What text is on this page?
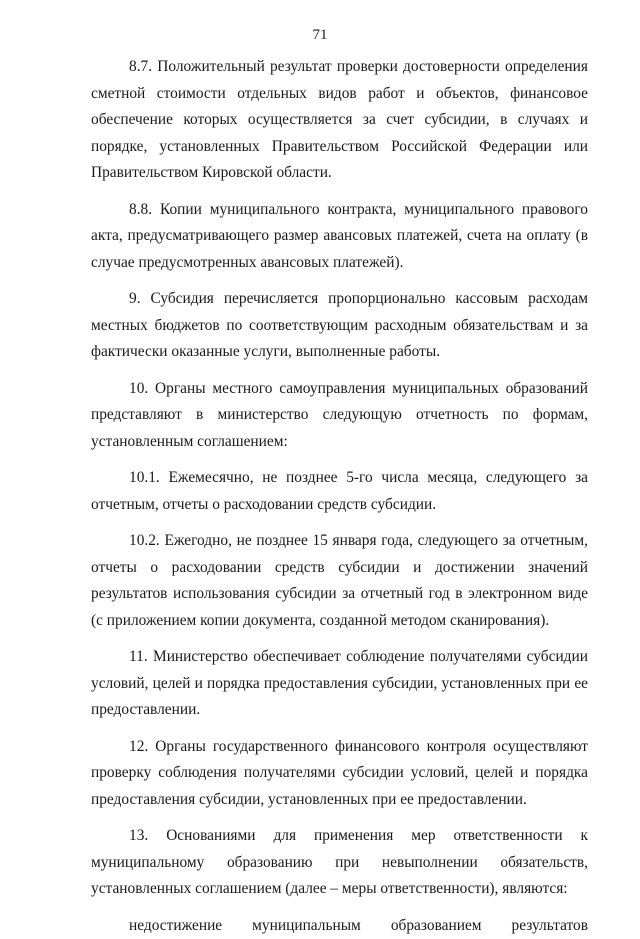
71

8.7. Положительный результат проверки достоверности определения сметной стоимости отдельных видов работ и объектов, финансовое обеспечение которых осуществляется за счет субсидии, в случаях и порядке, установленных Правительством Российской Федерации или Правительством Кировской области.

8.8. Копии муниципального контракта, муниципального правового акта, предусматривающего размер авансовых платежей, счета на оплату (в случае предусмотренных авансовых платежей).

9. Субсидия перечисляется пропорционально кассовым расходам местных бюджетов по соответствующим расходным обязательствам и за фактически оказанные услуги, выполненные работы.

10. Органы местного самоуправления муниципальных образований представляют в министерство следующую отчетность по формам, установленным соглашением:

10.1. Ежемесячно, не позднее 5-го числа месяца, следующего за отчетным, отчеты о расходовании средств субсидии.

10.2. Ежегодно, не позднее 15 января года, следующего за отчетным, отчеты о расходовании средств субсидии и достижении значений результатов использования субсидии за отчетный год в электронном виде (с приложением копии документа, созданной методом сканирования).

11. Министерство обеспечивает соблюдение получателями субсидии условий, целей и порядка предоставления субсидии, установленных при ее предоставлении.

12. Органы государственного финансового контроля осуществляют проверку соблюдения получателями субсидии условий, целей и порядка предоставления субсидии, установленных при ее предоставлении.

13. Основаниями для применения мер ответственности к муниципальному образованию при невыполнении обязательств, установленных соглашением (далее – меры ответственности), являются:

недостижение муниципальным образованием результатов
